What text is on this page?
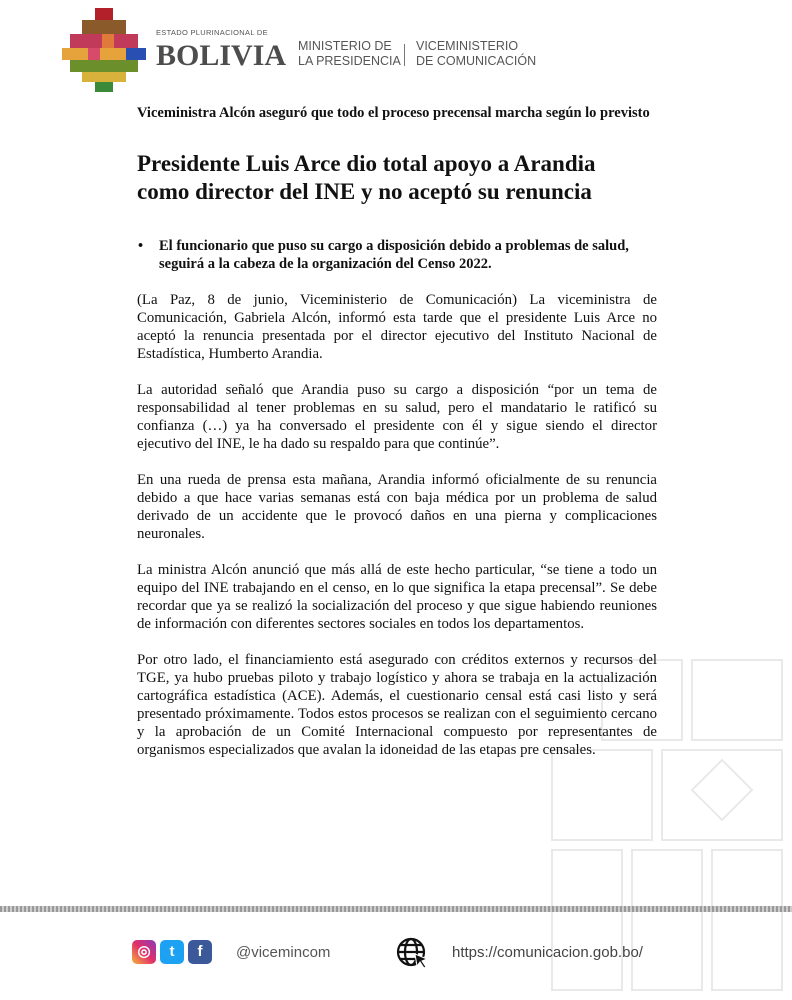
ESTADO PLURINACIONAL DE
BOLIVIA MINISTERIO DE
LA PRESIDENCIA
VICEMINISTERIO
DE COMUNICACIÓN
Viceministra Alcón aseguró que todo el proceso precensal marcha según lo previsto
Presidente Luis Arce dio total apoyo a Arandia
como director del INE y no aceptó su renuncia
• El funcionario que puso su cargo a disposición debido a problemas de salud, seguirá a la cabeza de la organización del Censo 2022.

(La Paz, 8 de junio, Viceministerio de Comunicación) La viceministra de Comunicación, Gabriela Alcón, informó esta tarde que el presidente Luis Arce no aceptó la renuncia presentada por el director ejecutivo del Instituto Nacional de Estadística, Humberto Arandia.

La autoridad señaló que Arandia puso su cargo a disposición “por un tema de responsabilidad al tener problemas en su salud, pero el mandatario le ratificó su confianza (…) ya ha conversado el presidente con él y sigue siendo el director ejecutivo del INE, le ha dado su respaldo para que continúe”.

En una rueda de prensa esta mañana, Arandia informó oficialmente de su renuncia debido a que hace varias semanas está con baja médica por un problema de salud derivado de un accidente que le provocó daños en una pierna y complicaciones neuronales.

La ministra Alcón anunció que más allá de este hecho particular, “se tiene a todo un equipo del INE trabajando en el censo, en lo que significa la etapa precensal”. Se debe recordar que ya se realizó la socialización del proceso y que sigue habiendo reuniones de información con diferentes sectores sociales en todos los departamentos.

Por otro lado, el financiamiento está asegurado con créditos externos y recursos del TGE, ya hubo pruebas piloto y trabajo logístico y ahora se trabaja en la actualización cartográfica estadística (ACE). Además, el cuestionario censal está casi listo y será presentado próximamente. Todos estos procesos se realizan con el seguimiento cercano y la aprobación de un Comité Internacional compuesto por representantes de organismos especializados que avalan la idoneidad de las etapas pre censales.

◎	t	f	@vicemincom	https://comunicacion.gob.bo/
